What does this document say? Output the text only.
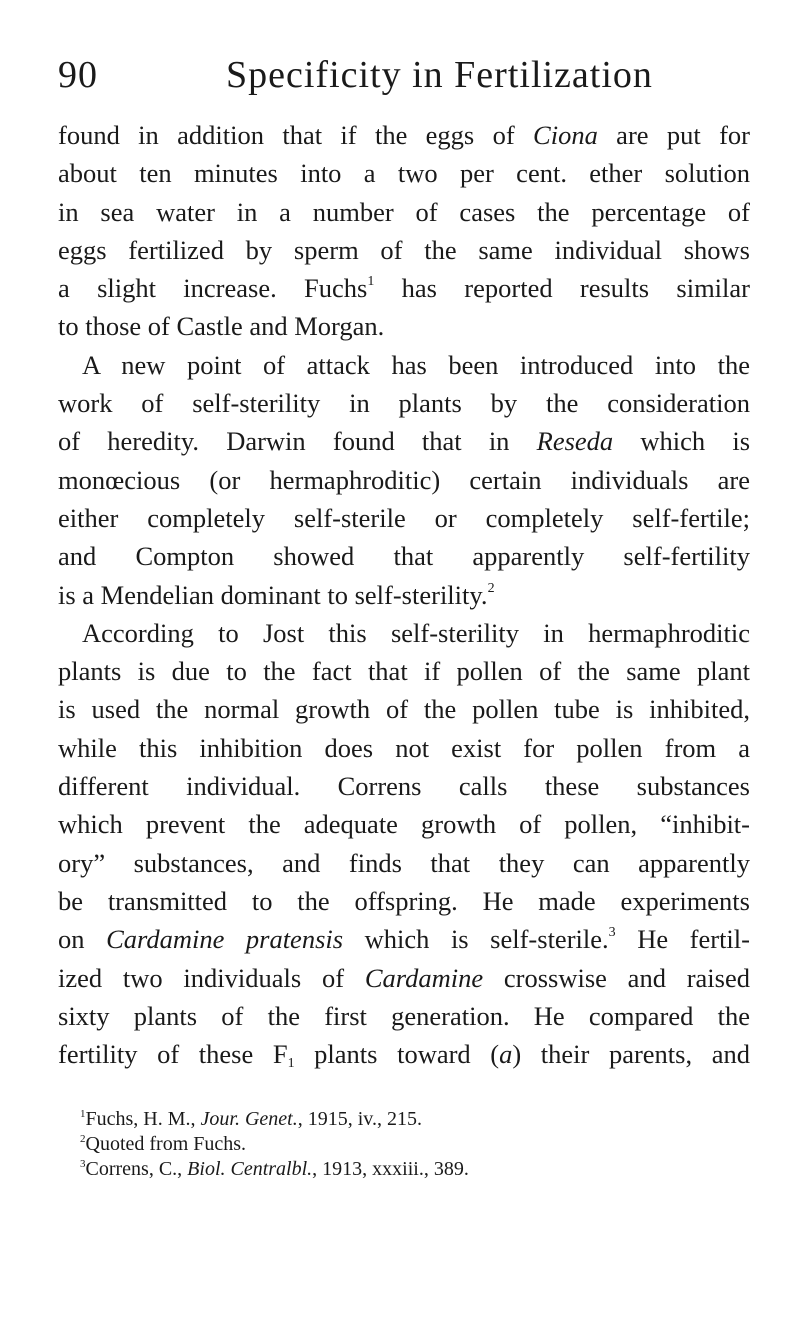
90	Specificity in Fertilization
found in addition that if the eggs of Ciona are put for
about ten minutes into a two per cent. ether solution
in sea water in a number of cases the percentage of
eggs fertilized by sperm of the same individual shows
a slight increase. Fuchs$^1$ has reported results similar
to those of Castle and Morgan.
A new point of attack has been introduced into the
work of self-sterility in plants by the consideration
of heredity. Darwin found that in Reseda which is
monœcious (or hermaphroditic) certain individuals are
either completely self-sterile or completely self-fertile;
and Compton showed that apparently self-fertility
is a Mendelian dominant to self-sterility.$^2$
According to Jost this self-sterility in hermaphroditic
plants is due to the fact that if pollen of the same plant
is used the normal growth of the pollen tube is inhibited,
while this inhibition does not exist for pollen from a
different individual. Correns calls these substances
which prevent the adequate growth of pollen, “inhibit-
ory” substances, and finds that they can apparently
be transmitted to the offspring. He made experiments
on Cardamine pratensis which is self-sterile.$^3$ He fertil-
ized two individuals of Cardamine crosswise and raised
sixty plants of the first generation. He compared the
fertility of these $F_1$ plants toward (a) their parents, and
$^1$Fuchs, H. M., Jour. Genet., 1915, iv., 215.
$^2$Quoted from Fuchs.
$^3$Correns, C., Biol. Centralbl., 1913, xxxiii., 389.
